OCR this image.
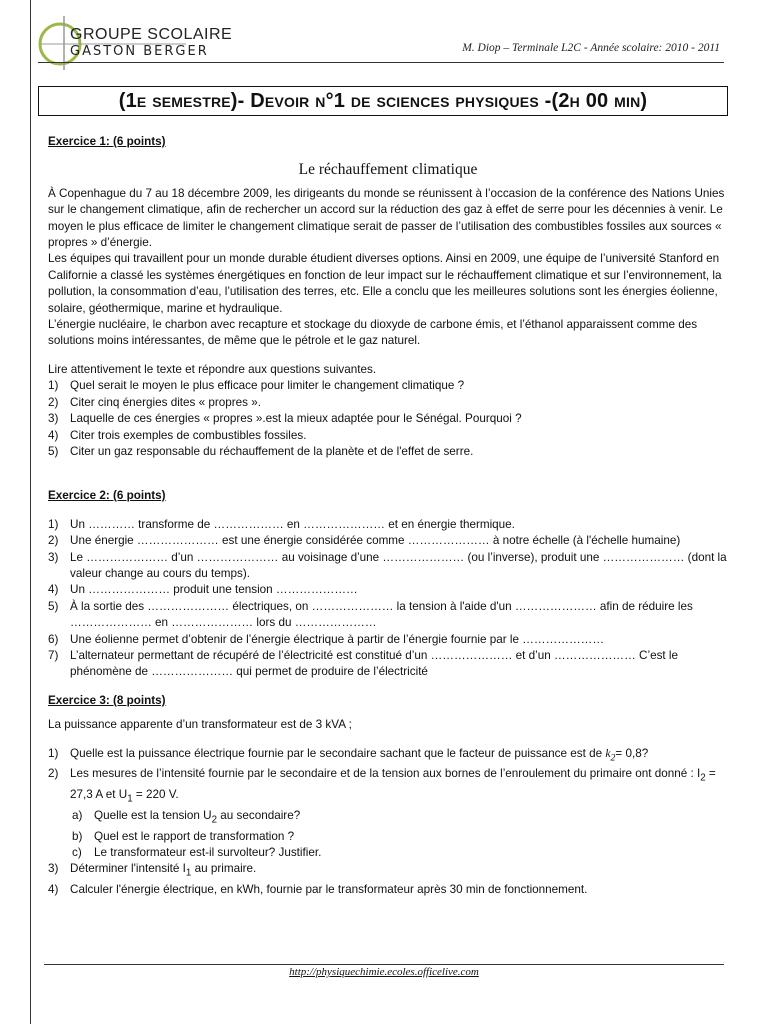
GROUPE SCOLAIRE
GASTON BERGER	M. Diop – Terminale L2C - Année scolaire: 2010 - 2011
(1e semestre)- Devoir n°1 de sciences physiques -(2h 00 min)

Exercice 1: (6 points)

Le réchauffement climatique

À Copenhague du 7 au 18 décembre 2009, les dirigeants du monde se réunissent à l’occasion de la conférence des Nations Unies sur le changement climatique, afin de rechercher un accord sur la réduction des gaz à effet de serre pour les décennies à venir. Le moyen le plus efficace de limiter le changement climatique serait de passer de l’utilisation des combustibles fossiles aux sources « propres » d’énergie.

Les équipes qui travaillent pour un monde durable étudient diverses options. Ainsi en 2009, une équipe de l’université Stanford en Californie a classé les systèmes énergétiques en fonction de leur impact sur le réchauffement climatique et sur l’environnement, la pollution, la consommation d’eau, l’utilisation des terres, etc. Elle a conclu que les meilleures solutions sont les énergies éolienne, solaire, géothermique, marine et hydraulique.

L’énergie nucléaire, le charbon avec recapture et stockage du dioxyde de carbone émis, et l’éthanol apparaissent comme des solutions moins intéressantes, de même que le pétrole et le gaz naturel.

Lire attentivement le texte et répondre aux questions suivantes.

1) Quel serait le moyen le plus efficace pour limiter le changement climatique ?
2) Citer cinq énergies dites « propres ».
3) Laquelle de ces énergies « propres ».est la mieux adaptée pour le Sénégal. Pourquoi ?
4) Citer trois exemples de combustibles fossiles.
5) Citer un gaz responsable du réchauffement de la planète et de l'effet de serre.

Exercice 2: (6 points)

1) Un ………… transforme de ……………… en ………………… et en énergie thermique.
2) Une énergie ………………… est une énergie considérée comme ………………… à notre échelle (à l'échelle humaine)
3) Le ………………… d’un ………………… au voisinage d’une ………………… (ou l’inverse), produit une ………………… (dont la valeur change au cours du temps).
4) Un ………………… produit une tension …………………
5) À la sortie des ………………… électriques, on ………………… la tension à l'aide d'un ………………… afin de réduire les ………………… en ………………… lors du …………………
6) Une éolienne permet d’obtenir de l’énergie électrique à partir de l’énergie fournie par le …………………
7) L’alternateur permettant de récupéré de l’électricité est constitué d’un ………………… et d’un ………………… C’est le phénomène de ………………… qui permet de produire de l’électricité

Exercice 3: (8 points)

La puissance apparente d’un transformateur est de 3 kVA ;

1) Quelle est la puissance électrique fournie par le secondaire sachant que le facteur de puissance est de $k_2= 0,8$?
2) Les mesures de l’intensité fournie par le secondaire et de la tension aux bornes de l’enroulement du primaire ont donné : $I_2 = 27,3$ A et $U_1 = 220$ V.
a) Quelle est la tension $U_2$ au secondaire?
b) Quel est le rapport de transformation ?
c) Le transformateur est-il survolteur? Justifier.
3) Déterminer l'intensité $I_1$ au primaire.
4) Calculer l'énergie électrique, en kWh, fournie par le transformateur après 30 min de fonctionnement.
http://physiquechimie.ecoles.officelive.com
